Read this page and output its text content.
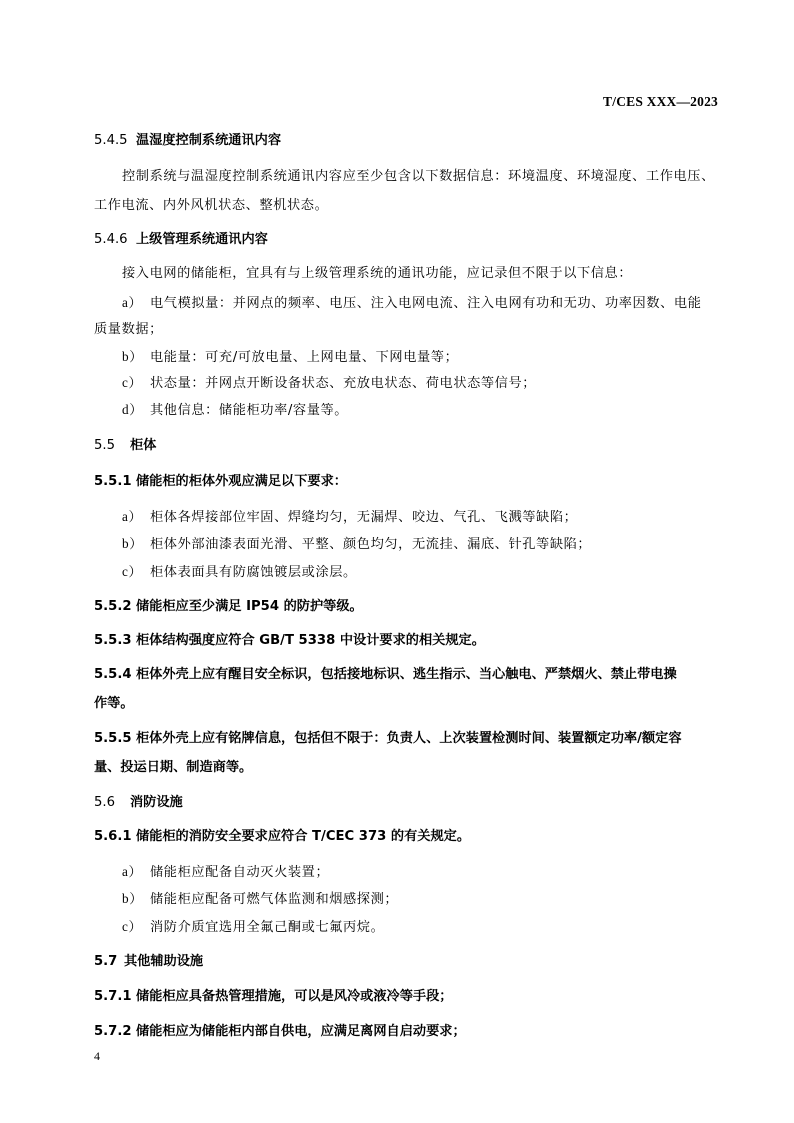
T/CES XXX—2023
5.4.5 温湿度控制系统通讯内容
控制系统与温湿度控制系统通讯内容应至少包含以下数据信息：环境温度、环境湿度、工作电压、
工作电流、内外风机状态、整机状态。
5.4.6 上级管理系统通讯内容
接入电网的储能柜，宜具有与上级管理系统的通讯功能，应记录但不限于以下信息：
a） 电气模拟量：并网点的频率、电压、注入电网电流、注入电网有功和无功、功率因数、电能
质量数据；
b） 电能量：可充/可放电量、上网电量、下网电量等；
c） 状态量：并网点开断设备状态、充放电状态、荷电状态等信号；
d） 其他信息：储能柜功率/容量等。
5.5 柜体
5.5.1 储能柜的柜体外观应满足以下要求：
a） 柜体各焊接部位牢固、焊缝均匀，无漏焊、咬边、气孔、飞溅等缺陷；
b） 柜体外部油漆表面光滑、平整、颜色均匀，无流挂、漏底、针孔等缺陷；
c） 柜体表面具有防腐蚀镀层或涂层。
5.5.2 储能柜应至少满足 IP54 的防护等级。
5.5.3 柜体结构强度应符合 GB/T 5338 中设计要求的相关规定。
5.5.4 柜体外壳上应有醒目安全标识，包括接地标识、逃生指示、当心触电、严禁烟火、禁止带电操
作等。
5.5.5 柜体外壳上应有铭牌信息，包括但不限于：负责人、上次装置检测时间、装置额定功率/额定容
量、投运日期、制造商等。
5.6 消防设施
5.6.1 储能柜的消防安全要求应符合 T/CEC 373 的有关规定。
a） 储能柜应配备自动灭火装置；
b） 储能柜应配备可燃气体监测和烟感探测；
c） 消防介质宜选用全氟己酮或七氟丙烷。
5.7 其他辅助设施
5.7.1 储能柜应具备热管理措施，可以是风冷或液冷等手段；
5.7.2 储能柜应为储能柜内部自供电，应满足离网自启动要求；
4
